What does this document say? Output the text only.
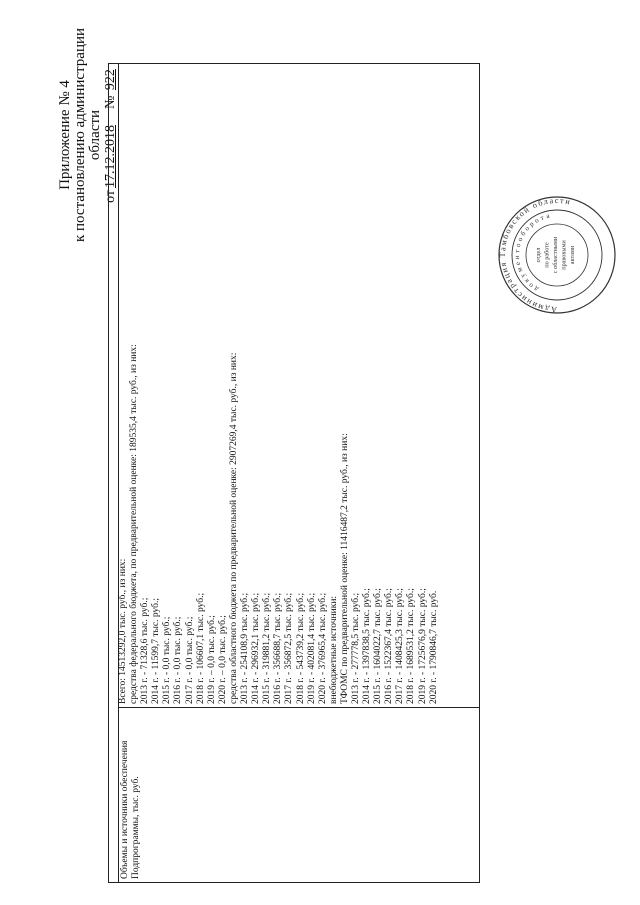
Приложение № 4 к постановлению администрации области
от17.12.2018    № 922
Объемы и источники обеспечения Подпрограммы, тыс. руб.
Всего: 14513292,0 тыс. руб., из них: средства федерального бюджета, по предварительной оценке: 189535,4 тыс. руб., из них: 2013 г. - 71328,6 тыс. руб.; 2014 г. - 11599,7 тыс. руб.; 2015 г. - 0,0 тыс. руб.; 2016 г. - 0,0 тыс. руб.; 2017 г. - 0,0 тыс. руб.; 2018 г. - 106607,1 тыс. руб.; 2019 г. – 0,0 тыс. руб.; 2020 г. – 0,0 тыс. руб.; средства областного бюджета по предварительной оценке: 2907269,4 тыс. руб., из них: 2013 г. - 254108,9 тыс. руб.; 2014 г. - 296932,1 тыс. руб.; 2015 г. - 319881,2 тыс. руб.; 2016 г. - 356688,7 тыс. руб.; 2017 г. - 356872,5 тыс. руб.; 2018 г. - 543739,2 тыс. руб.; 2019 г. - 402081,4 тыс. руб.; 2020 г. - 376965,4 тыс. руб.; внебюджетные источники: ТФОМС по предварительной оценке: 11416487,2 тыс. руб., из них: 2013 г. - 277778,5 тыс. руб.; 2014 г. - 1397838,5 тыс. руб.; 2015 г. - 1604022,7 тыс. руб.; 2016 г. - 1522367,4 тыс. руб.; 2017 г. - 1408425,3 тыс. руб.; 2018 г. - 1689531,2 тыс. руб.; 2019 г. - 1725676,9 тыс. руб.; 2020 г. - 1790846,7 тыс. руб.
Администрация Тамбовской области
документооборота
отдел по работе с областными правовыми актами
